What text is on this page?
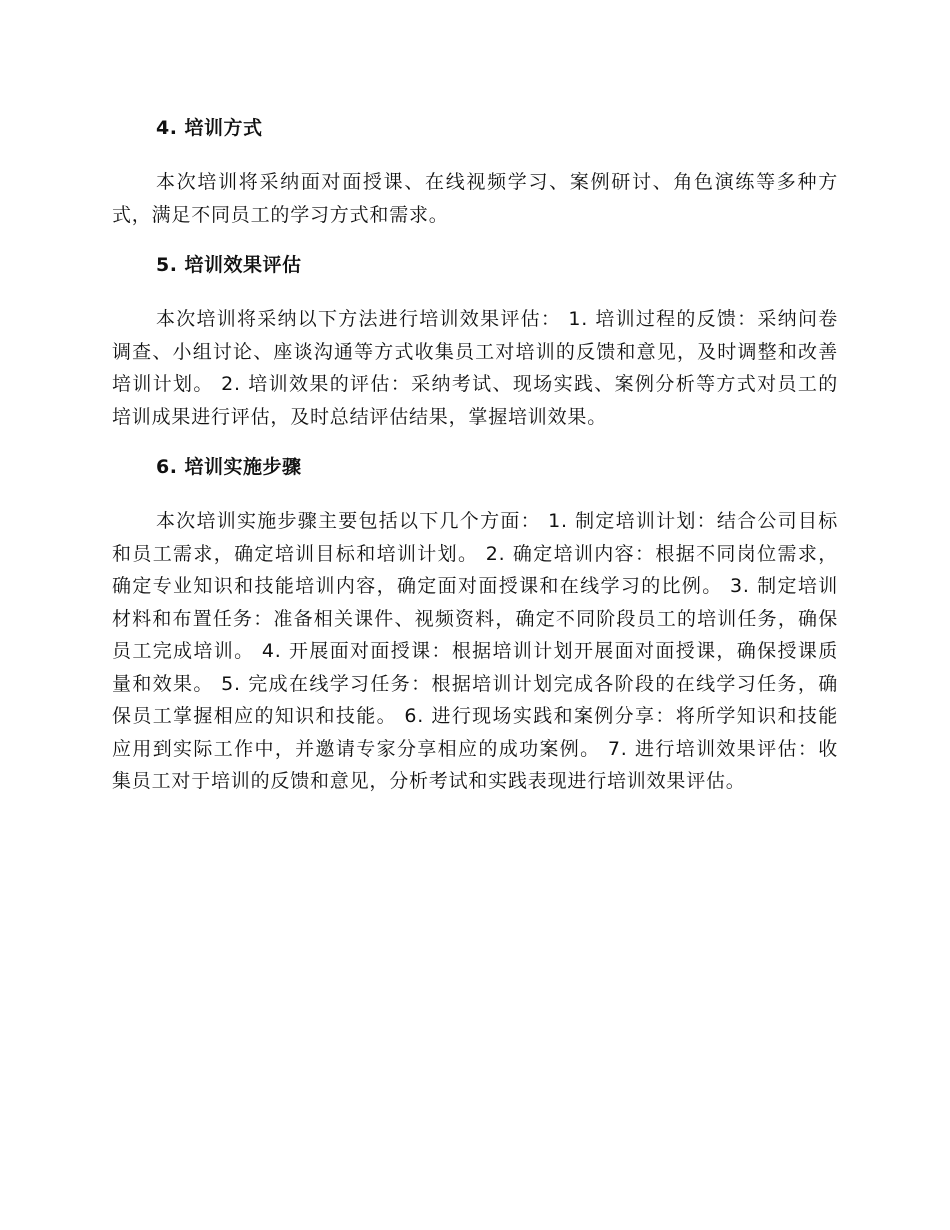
4. 培训方式

本次培训将采纳面对面授课、在线视频学习、案例研讨、角色演练等多种方式，满足不同员工的学习方式和需求。

5. 培训效果评估

本次培训将采纳以下方法进行培训效果评估： 1. 培训过程的反馈：采纳问卷调查、小组讨论、座谈沟通等方式收集员工对培训的反馈和意见，及时调整和改善培训计划。 2. 培训效果的评估：采纳考试、现场实践、案例分析等方式对员工的培训成果进行评估，及时总结评估结果，掌握培训效果。

6. 培训实施步骤

本次培训实施步骤主要包括以下几个方面： 1. 制定培训计划：结合公司目标和员工需求，确定培训目标和培训计划。 2. 确定培训内容：根据不同岗位需求，确定专业知识和技能培训内容，确定面对面授课和在线学习的比例。 3. 制定培训材料和布置任务：准备相关课件、视频资料，确定不同阶段员工的培训任务，确保员工完成培训。 4. 开展面对面授课：根据培训计划开展面对面授课，确保授课质量和效果。 5. 完成在线学习任务：根据培训计划完成各阶段的在线学习任务，确保员工掌握相应的知识和技能。 6. 进行现场实践和案例分享：将所学知识和技能应用到实际工作中，并邀请专家分享相应的成功案例。 7. 进行培训效果评估：收集员工对于培训的反馈和意见，分析考试和实践表现进行培训效果评估。
